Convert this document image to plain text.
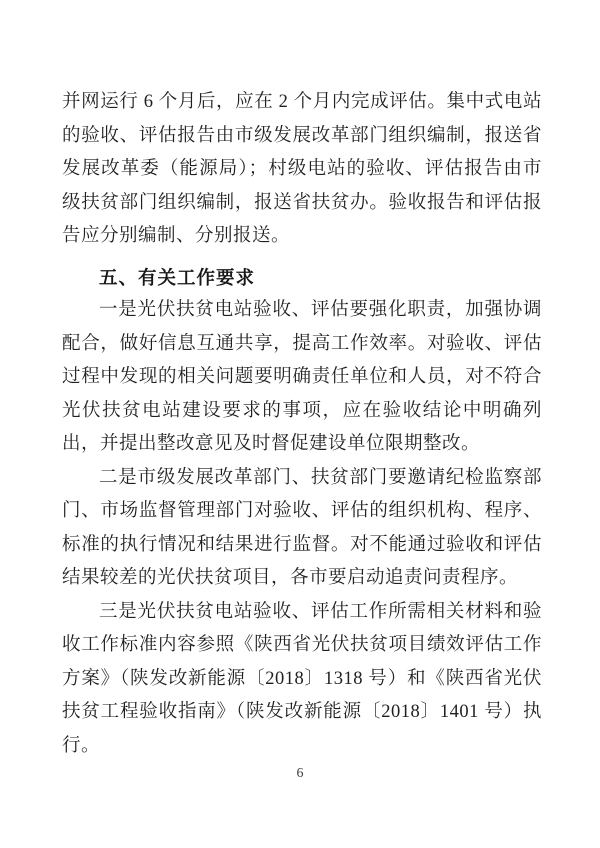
并网运行 6 个月后，应在 2 个月内完成评估。集中式电站的验收、评估报告由市级发展改革部门组织编制，报送省发展改革委（能源局）；村级电站的验收、评估报告由市级扶贫部门组织编制，报送省扶贫办。验收报告和评估报告应分别编制、分别报送。

五、有关工作要求

一是光伏扶贫电站验收、评估要强化职责，加强协调配合，做好信息互通共享，提高工作效率。对验收、评估过程中发现的相关问题要明确责任单位和人员，对不符合光伏扶贫电站建设要求的事项，应在验收结论中明确列出，并提出整改意见及时督促建设单位限期整改。

二是市级发展改革部门、扶贫部门要邀请纪检监察部门、市场监督管理部门对验收、评估的组织机构、程序、标准的执行情况和结果进行监督。对不能通过验收和评估结果较差的光伏扶贫项目，各市要启动追责问责程序。

三是光伏扶贫电站验收、评估工作所需相关材料和验收工作标准内容参照《陕西省光伏扶贫项目绩效评估工作方案》（陕发改新能源〔2018〕1318 号）和《陕西省光伏扶贫工程验收指南》（陕发改新能源〔2018〕1401 号）执行。

6
